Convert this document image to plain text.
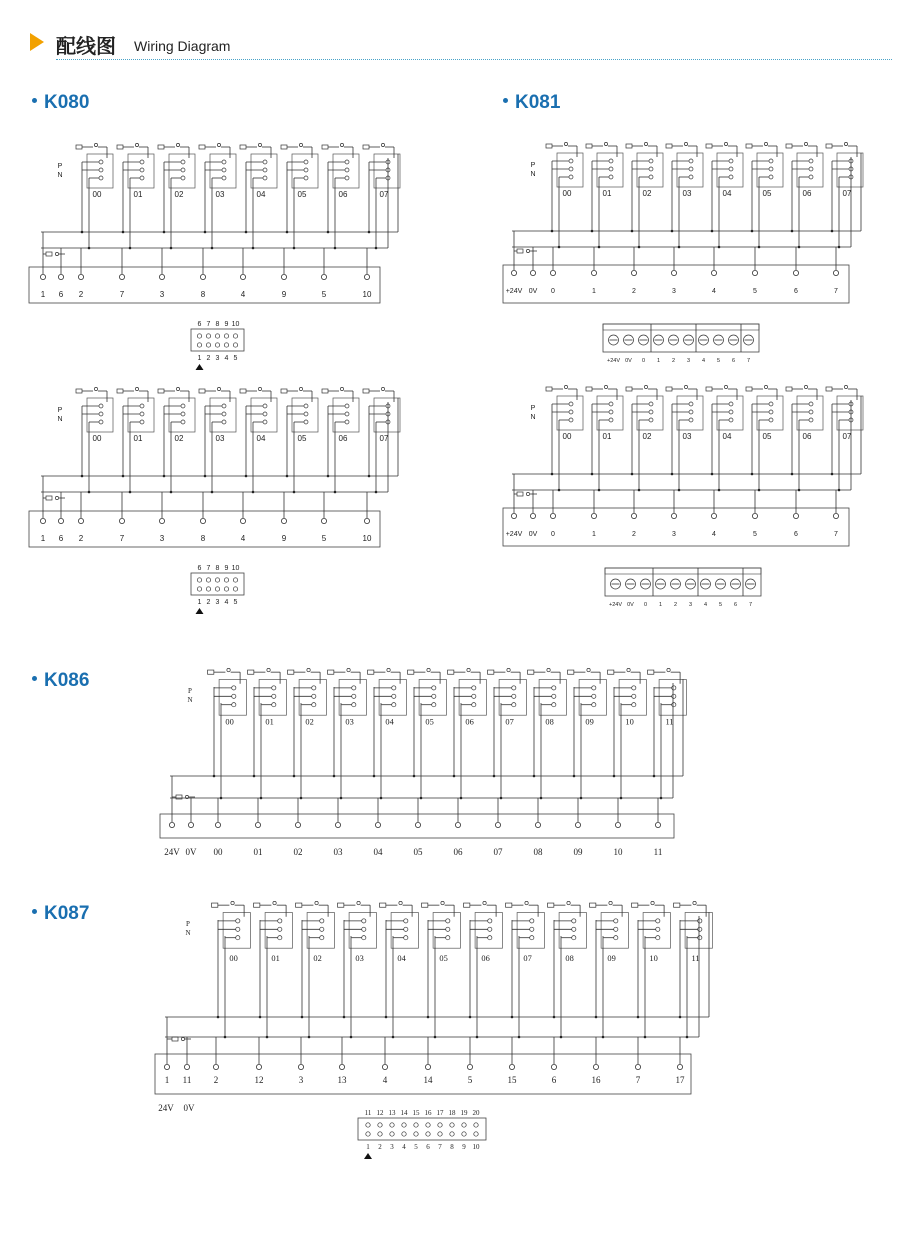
配线图 Wiring Diagram
K080	K081
K086
K087
P
N
00	01	02	03	04	05	06	07
1 6 2	7	3	8	4	9	5	10
6
1
7
2
8
3
9
4
10
5
P
N
00	01	02	03	04	05	06	07
1 6 2	7	3	8	4	9	5	10
6
1
7
2
8
3
9
4
10
5
P
N
00	01	02	03	04	05	06	07
+24V 0V 0	1	2	3	4	5	6	7
+24V 0V 0 1 2 3 4 5 6 7
P
N
00	01	02	03	04	05	06	07
+24V 0V 0	1	2	3	4	5	6	7
+24V 0V 0 1 2 3 4 5 6 7
P
N
00	01	02	03	04	05	06	07	08	09	10	11
24V 0V 00	01	02	03	04	05	06	07	08	09	10	11
P
N
00	01	02	03	04	05	06	07	08	09	10	11
1 11 2	12	3	13	4	14	5	15	6	16	7	17
24V 0V	11
1
12
2
13
3
14
4
15
5
16
6
17
7
18
8
19
9
20
10
